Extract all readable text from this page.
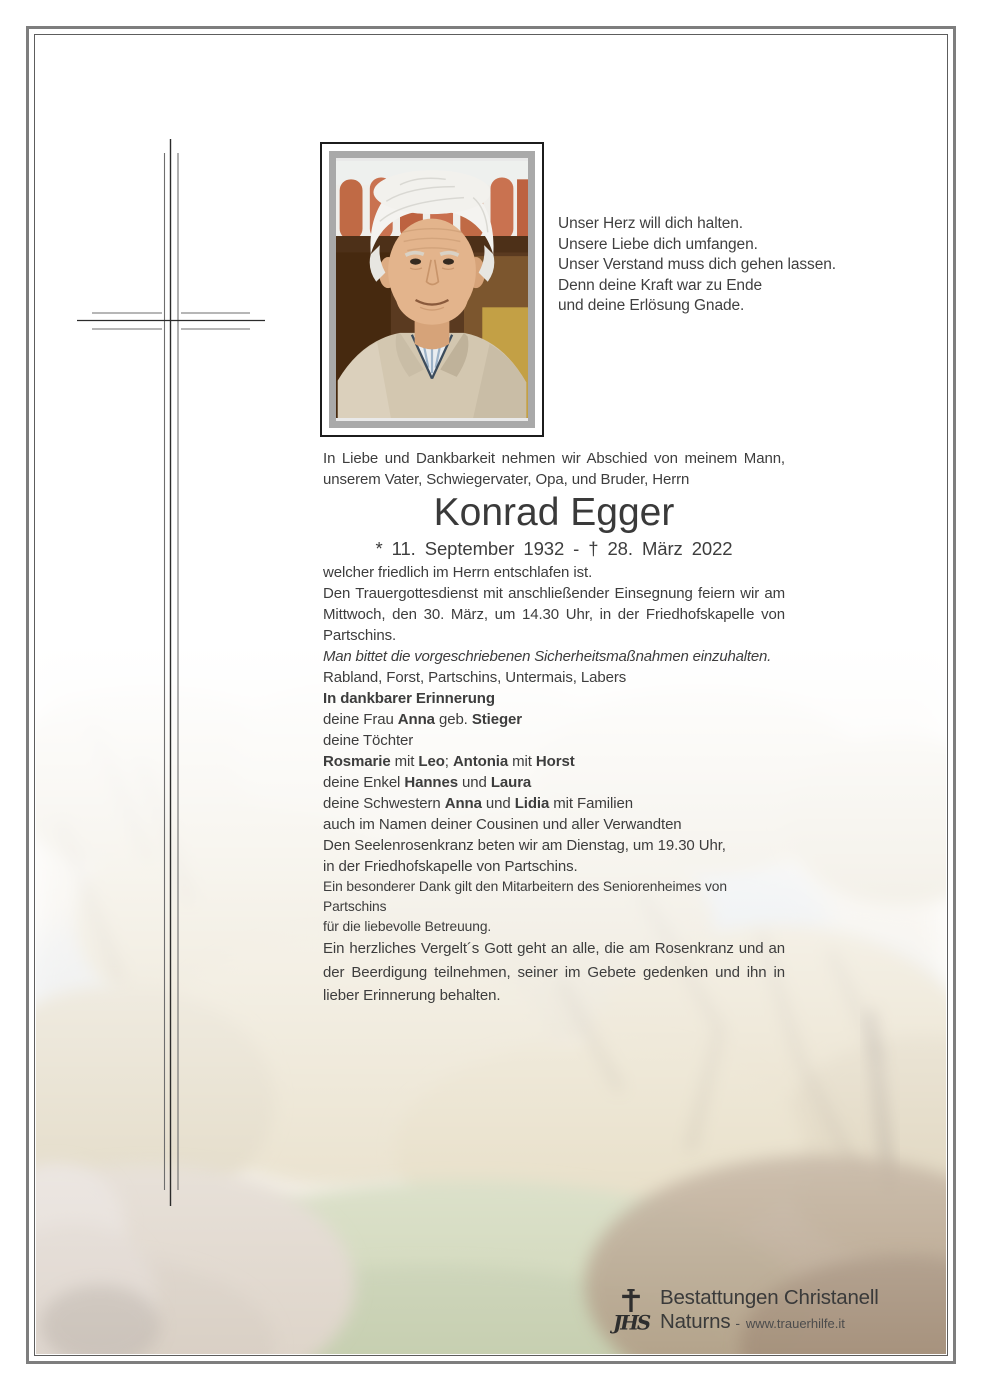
Unser Herz will dich halten.
Unsere Liebe dich umfangen.
Unser Verstand muss dich gehen lassen.
Denn deine Kraft war zu Ende
und deine Erlösung Gnade.

In Liebe und Dankbarkeit nehmen wir Abschied von meinem Mann, unserem Vater, Schwiegervater, Opa, und Bruder, Herrn

Konrad Egger

* 11. September 1932 - † 28. März 2022

welcher friedlich im Herrn entschlafen ist.

Den Trauergottesdienst mit anschließender Einsegnung feiern wir am Mittwoch, den 30. März, um 14.30 Uhr, in der Friedhofskapelle von Partschins.

Man bittet die vorgeschriebenen Sicherheitsmaßnahmen einzuhalten.

Rabland, Forst, Partschins, Untermais, Labers

In dankbarer Erinnerung

deine Frau Anna geb. Stieger

deine Töchter

Rosmarie mit Leo; Antonia mit Horst

deine Enkel Hannes und Laura

deine Schwestern Anna und Lidia mit Familien

auch im Namen deiner Cousinen und aller Verwandten

Den Seelenrosenkranz beten wir am Dienstag, um 19.30 Uhr,

in der Friedhofskapelle von Partschins.

Ein besonderer Dank gilt den Mitarbeitern des Seniorenheimes von Partschins

für die liebevolle Betreuung.

Ein herzliches Vergelt´s Gott geht an alle, die am Rosenkranz und an der Beerdigung teilnehmen, seiner im Gebete gedenken und ihn in lieber Erinnerung behalten.

JHS
Bestattungen Christanell
Naturns - www.trauerhilfe.it
